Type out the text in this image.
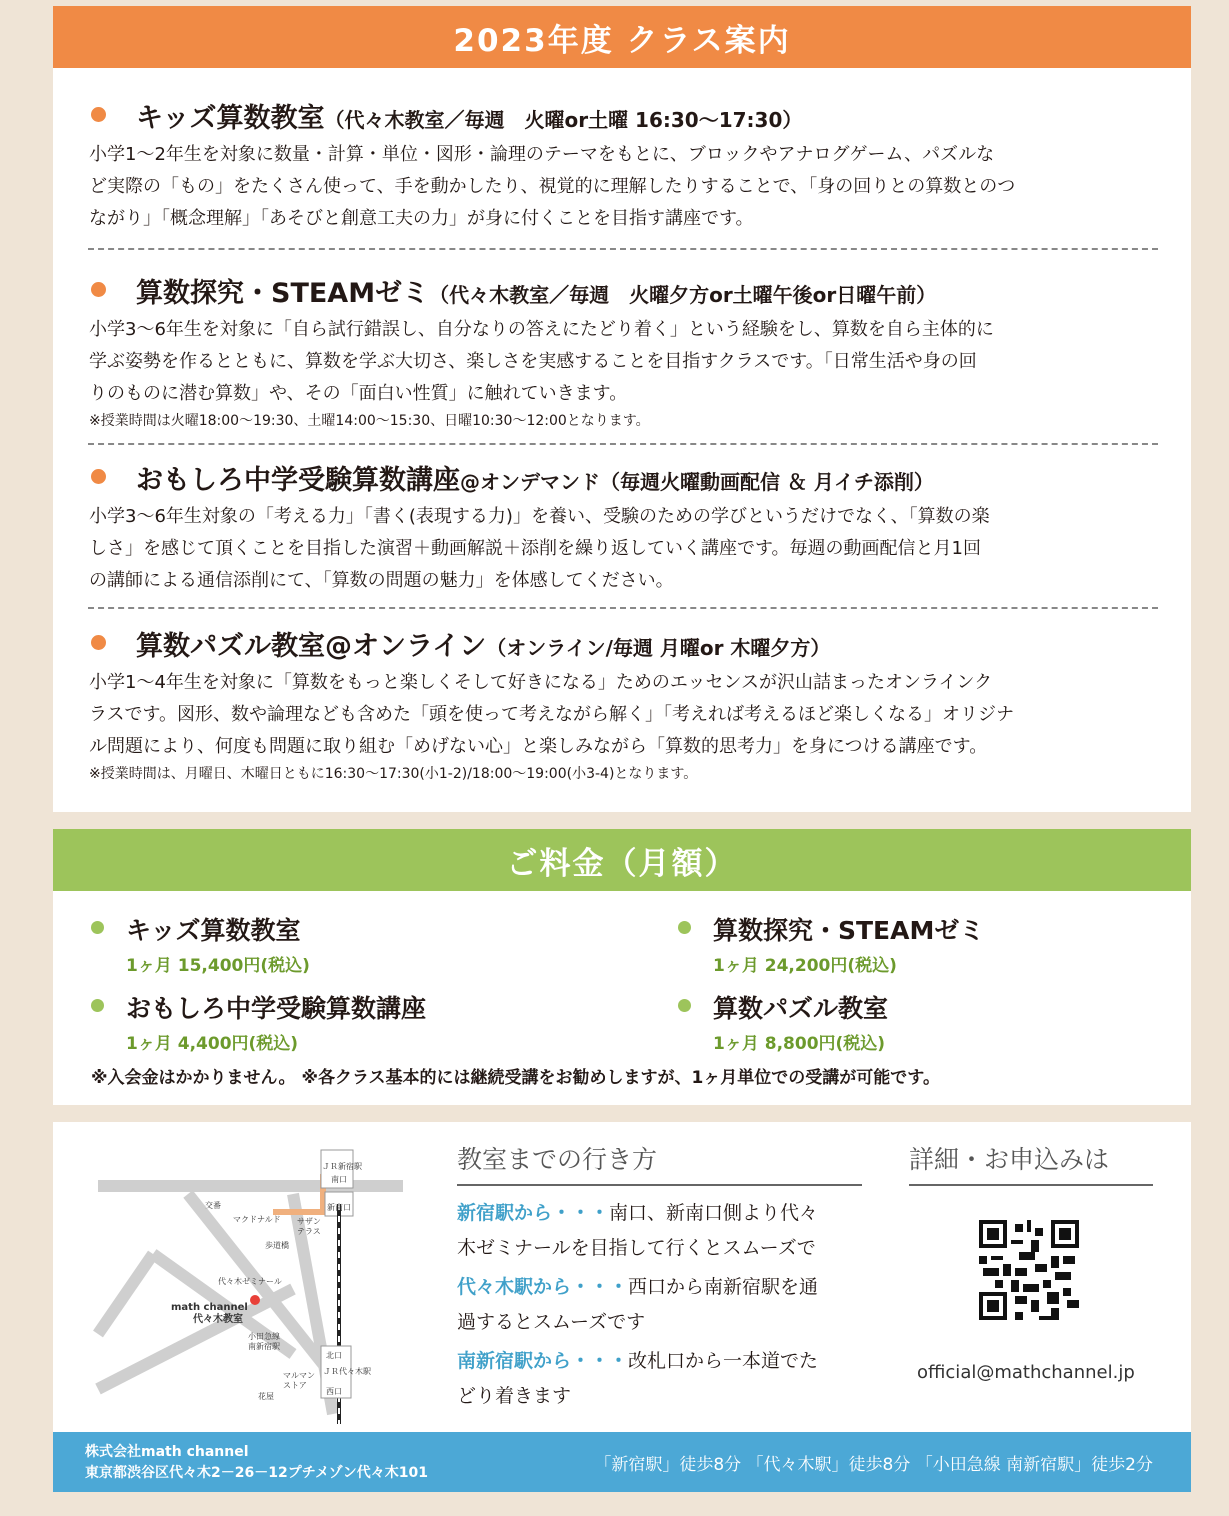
2023年度 クラス案内
キッズ算数教室（代々木教室／毎週　火曜or土曜 16:30～17:30）
小学1～2年生を対象に数量・計算・単位・図形・論理のテーマをもとに、ブロックやアナログゲーム、パズルな
ど実際の「もの」をたくさん使って、手を動かしたり、視覚的に理解したりすることで、「身の回りとの算数とのつ
ながり」「概念理解」「あそびと創意工夫の力」が身に付くことを目指す講座です。
算数探究・STEAMゼミ（代々木教室／毎週　火曜夕方or土曜午後or日曜午前）
小学3～6年生を対象に「自ら試行錯誤し、自分なりの答えにたどり着く」という経験をし、算数を自ら主体的に
学ぶ姿勢を作るとともに、算数を学ぶ大切さ、楽しさを実感することを目指すクラスです。「日常生活や身の回
りのものに潜む算数」や、その「面白い性質」に触れていきます。
※授業時間は火曜18:00～19:30、土曜14:00～15:30、日曜10:30～12:00となります。
おもしろ中学受験算数講座@オンデマンド（毎週火曜動画配信 ＆ 月イチ添削）
小学3～6年生対象の「考える力」「書く(表現する力)」を養い、受験のための学びというだけでなく、「算数の楽
しさ」を感じて頂くことを目指した演習＋動画解説＋添削を繰り返していく講座です。毎週の動画配信と月1回
の講師による通信添削にて、「算数の問題の魅力」を体感してください。
算数パズル教室@オンライン（オンライン/毎週 月曜or 木曜夕方）
小学1～4年生を対象に「算数をもっと楽しくそして好きになる」ためのエッセンスが沢山詰まったオンラインク
ラスです。図形、数や論理なども含めた「頭を使って考えながら解く」「考えれば考えるほど楽しくなる」オリジナ
ル問題により、何度も問題に取り組む「めげない心」と楽しみながら「算数的思考力」を身につける講座です。
※授業時間は、月曜日、木曜日ともに16:30～17:30(小1-2)/18:00～19:00(小3-4)となります。
ご料金（月額）
キッズ算数教室
1ヶ月 15,400円(税込)
算数探究・STEAMゼミ
1ヶ月 24,200円(税込)
おもしろ中学受験算数講座
1ヶ月 4,400円(税込)
算数パズル教室
1ヶ月 8,800円(税込)
※入会金はかかりません。 ※各クラス基本的には継続受講をお勧めしますが、1ヶ月単位での受講が可能です。
ＪＲ新宿駅
南口
新南口
交番
マクドナルド サザンテラス
歩道橋
代々木ゼミナール
math channel
代々木教室
小田急線南新宿駅
マルマンストア
北口
ＪＲ代々木駅
西口
花屋
教室までの行き方
新宿駅から・・・南口、新南口側より代々
木ゼミナールを目指して行くとスムーズで
代々木駅から・・・西口から南新宿駅を通
過するとスムーズです
南新宿駅から・・・改札口から一本道でた
どり着きます
詳細・お申込みは
official@mathchannel.jp
株式会社math channel
東京都渋谷区代々木2－26－12プチメゾン代々木101	「新宿駅」徒歩8分 「代々木駅」徒歩8分 「小田急線 南新宿駅」徒歩2分
